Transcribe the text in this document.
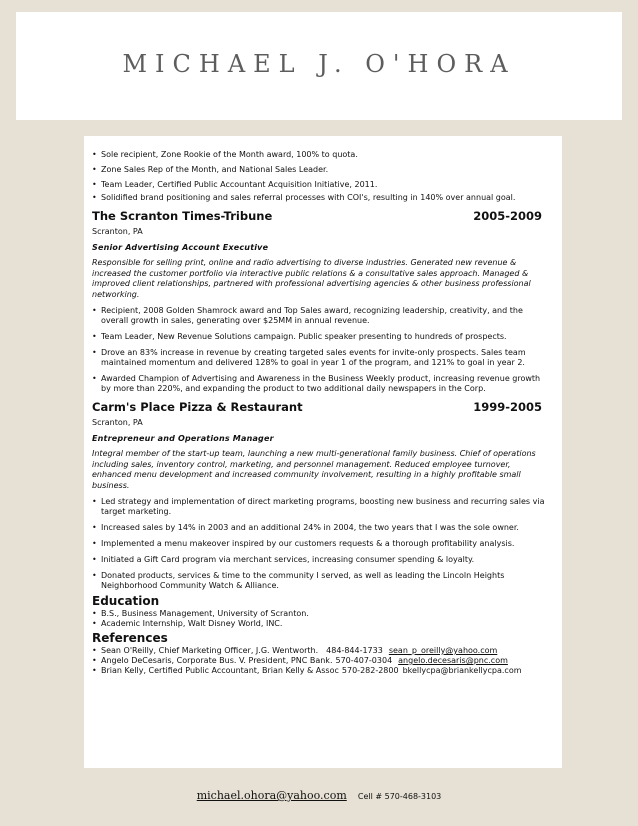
MICHAEL J. O'HORA
• Sole recipient, Zone Rookie of the Month award, 100% to quota.
• Zone Sales Rep of the Month, and National Sales Leader.
• Team Leader, Certified Public Accountant Acquisition Initiative, 2011.
• Solidified brand positioning and sales referral processes with COI's, resulting in 140% over annual goal.
The Scranton Times-Tribune	2005-2009
Scranton, PA
Senior Advertising Account Executive
Responsible for selling print, online and radio advertising to diverse industries. Generated new revenue & increased the customer portfolio via interactive public relations & a consultative sales approach. Managed & improved client relationships, partnered with professional advertising agencies & other business professional networking.
• Recipient, 2008 Golden Shamrock award and Top Sales award, recognizing leadership, creativity, and the overall growth in sales, generating over $25MM in annual revenue.
• Team Leader, New Revenue Solutions campaign. Public speaker presenting to hundreds of prospects.
• Drove an 83% increase in revenue by creating targeted sales events for invite-only prospects. Sales team maintained momentum and delivered 128% to goal in year 1 of the program, and 121% to goal in year 2.
• Awarded Champion of Advertising and Awareness in the Business Weekly product, increasing revenue growth by more than 220%, and expanding the product to two additional daily newspapers in the Corp.
Carm's Place Pizza & Restaurant	1999-2005
Scranton, PA
Entrepreneur and Operations Manager
Integral member of the start-up team, launching a new multi-generational family business. Chief of operations including sales, inventory control, marketing, and personnel management. Reduced employee turnover, enhanced menu development and increased community involvement, resulting in a highly profitable small business.
• Led strategy and implementation of direct marketing programs, boosting new business and recurring sales via target marketing.
• Increased sales by 14% in 2003 and an additional 24% in 2004, the two years that I was the sole owner.
• Implemented a menu makeover inspired by our customers requests & a thorough profitability analysis.
• Initiated a Gift Card program via merchant services, increasing consumer spending & loyalty.
• Donated products, services & time to the community I served, as well as leading the Lincoln Heights Neighborhood Community Watch & Alliance.
Education
• B.S., Business Management, University of Scranton.
• Academic Internship, Walt Disney World, INC.
References
• Sean O'Reilly, Chief Marketing Officer, J.G. Wentworth. 484-844-1733 sean_p_oreilly@yahoo.com
• Angelo DeCesaris, Corporate Bus. V. President, PNC Bank. 570-407-0304 angelo.decesaris@pnc.com
• Brian Kelly, Certified Public Accountant, Brian Kelly & Assoc 570-282-2800 bkellycpa@briankellycpa.com
michael.ohora@yahoo.com Cell # 570-468-3103
